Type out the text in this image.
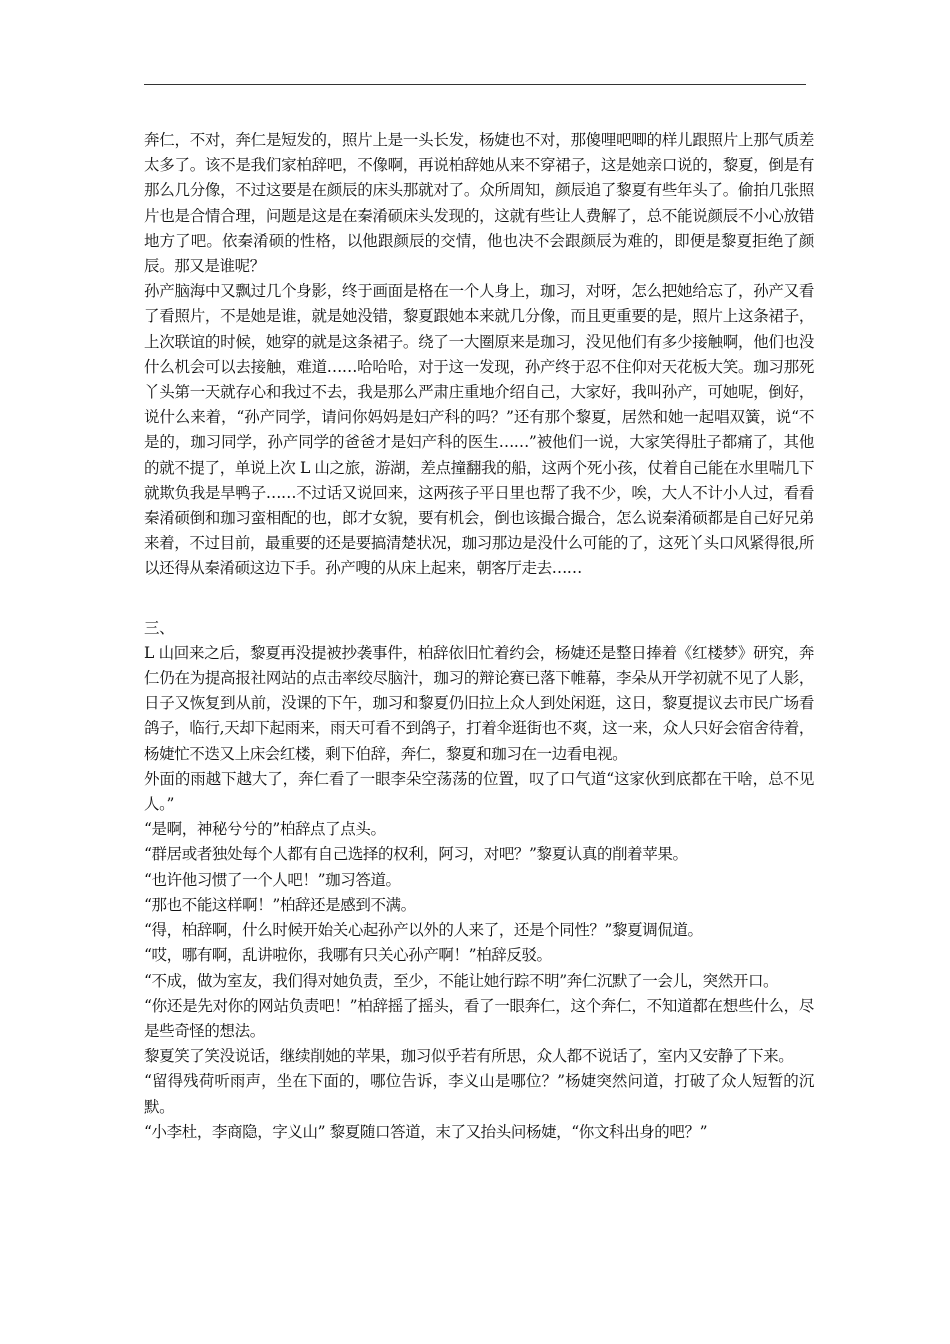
奔仁，不对，奔仁是短发的，照片上是一头长发，杨婕也不对，那傻哩吧唧的样儿跟照片上那气质差太多了。该不是我们家柏辞吧，不像啊，再说柏辞她从来不穿裙子，这是她亲口说的，黎夏，倒是有那么几分像，不过这要是在颜辰的床头那就对了。众所周知，颜辰追了黎夏有些年头了。偷拍几张照片也是合情合理，问题是这是在秦淆硕床头发现的，这就有些让人费解了，总不能说颜辰不小心放错地方了吧。依秦淆硕的性格，以他跟颜辰的交情，他也决不会跟颜辰为难的，即便是黎夏拒绝了颜辰。那又是谁呢？

孙产脑海中又飘过几个身影，终于画面是格在一个人身上，珈习，对呀，怎么把她给忘了，孙产又看了看照片，不是她是谁，就是她没错，黎夏跟她本来就几分像，而且更重要的是，照片上这条裙子，上次联谊的时候，她穿的就是这条裙子。绕了一大圈原来是珈习，没见他们有多少接触啊，他们也没什么机会可以去接触，难道……哈哈哈，对于这一发现，孙产终于忍不住仰对天花板大笑。珈习那死丫头第一天就存心和我过不去，我是那么严肃庄重地介绍自己，大家好，我叫孙产，可她呢，倒好，说什么来着，“孙产同学，请问你妈妈是妇产科的吗？”还有那个黎夏，居然和她一起唱双簧，说“不是的，珈习同学，孙产同学的爸爸才是妇产科的医生……”被他们一说，大家笑得肚子都痛了，其他的就不提了，单说上次 L 山之旅，游湖，差点撞翻我的船，这两个死小孩，仗着自己能在水里喘几下就欺负我是旱鸭子……不过话又说回来，这两孩子平日里也帮了我不少，唉，大人不计小人过，看看秦淆硕倒和珈习蛮相配的也，郎才女貌，要有机会，倒也该撮合撮合，怎么说秦淆硕都是自己好兄弟来着，不过目前，最重要的还是要搞清楚状况，珈习那边是没什么可能的了，这死丫头口风紧得很,所以还得从秦淆硕这边下手。孙产嗖的从床上起来，朝客厅走去……

三、

L 山回来之后，黎夏再没提被抄袭事件，柏辞依旧忙着约会，杨婕还是整日捧着《红楼梦》研究，奔仁仍在为提高报社网站的点击率绞尽脑汁，珈习的辩论赛已落下帷幕，李朵从开学初就不见了人影，日子又恢复到从前，没课的下午，珈习和黎夏仍旧拉上众人到处闲逛，这日，黎夏提议去市民广场看鸽子，临行,天却下起雨来，雨天可看不到鸽子，打着伞逛街也不爽，这一来，众人只好会宿舍待着，杨婕忙不迭又上床会红楼，剩下伯辞，奔仁，黎夏和珈习在一边看电视。

外面的雨越下越大了，奔仁看了一眼李朵空荡荡的位置，叹了口气道“这家伙到底都在干啥，总不见人。”

“是啊，神秘兮兮的”柏辞点了点头。

“群居或者独处每个人都有自己选择的权利，阿习，对吧？”黎夏认真的削着苹果。

“也许他习惯了一个人吧！”珈习答道。

“那也不能这样啊！”柏辞还是感到不满。

“得，柏辞啊，什么时候开始关心起孙产以外的人来了，还是个同性？”黎夏调侃道。

“哎，哪有啊，乱讲啦你，我哪有只关心孙产啊！”柏辞反驳。

“不成，做为室友，我们得对她负责，至少，不能让她行踪不明”奔仁沉默了一会儿，突然开口。

“你还是先对你的网站负责吧！”柏辞摇了摇头，看了一眼奔仁，这个奔仁，不知道都在想些什么，尽是些奇怪的想法。

黎夏笑了笑没说话，继续削她的苹果，珈习似乎若有所思，众人都不说话了，室内又安静了下来。

“留得残荷听雨声，坐在下面的，哪位告诉，李义山是哪位？”杨婕突然问道，打破了众人短暂的沉默。

“小李杜，李商隐，字义山” 黎夏随口答道，末了又抬头问杨婕，“你文科出身的吧？”
